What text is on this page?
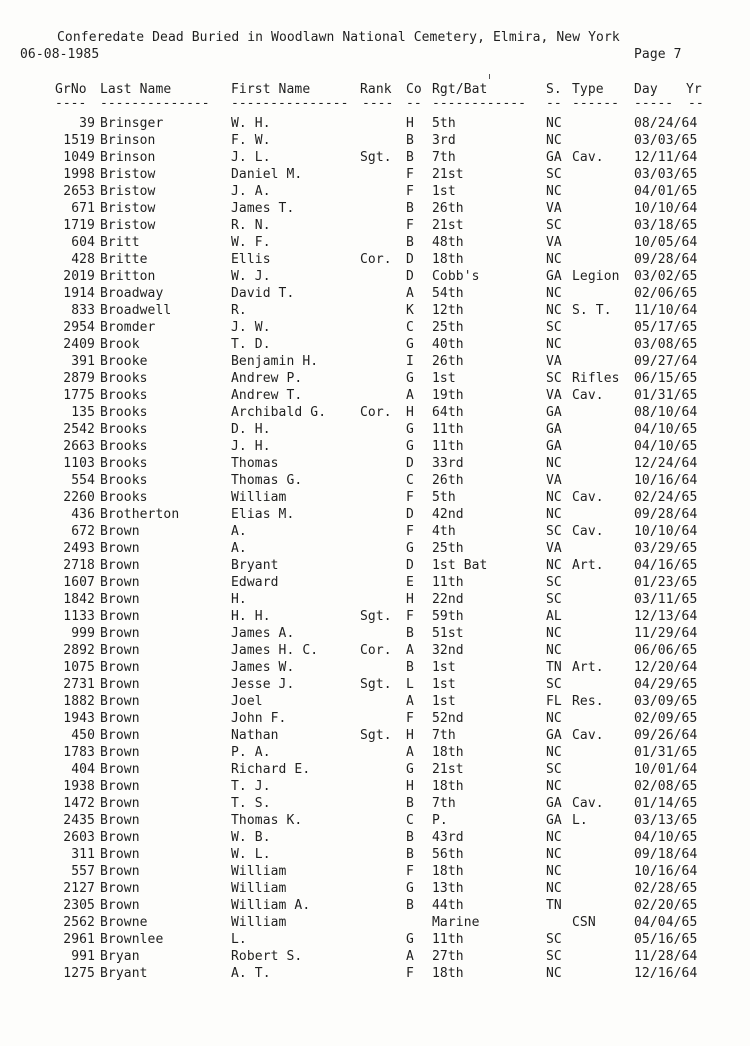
Conferedate Dead Buried in Woodlawn National Cemetery, Elmira, New York
06-08-1985	Page 7
GrNo Last Name	First Name	Rank Co Rgt/Bat	S. Type Day Yr
---- -------------- --------------- ---- -- ------------ -- ------ ----- --
39 Brinsger	W. H.	H 5th	NC	08/24/64
1519 Brinson	F. W.	B 3rd	NC	03/03/65
1049 Brinson	J. L.	Sgt. B 7th	GA Cav. 12/11/64
1998 Bristow	Daniel M.	F 21st	SC	03/03/65
2653 Bristow	J. A.	F 1st	NC	04/01/65
671 Bristow	James T.	B 26th	VA	10/10/64
1719 Bristow	R. N.	F 21st	SC	03/18/65
604 Britt	W. F.	B 48th	VA	10/05/64
428 Britte	Ellis	Cor. D 18th	NC	09/28/64
2019 Britton	W. J.	D Cobb's	GA Legion 03/02/65
1914 Broadway	David T.	A 54th	NC	02/06/65
833 Broadwell	R.	K 12th	NC S. T. 11/10/64
2954 Bromder	J. W.	C 25th	SC	05/17/65
2409 Brook	T. D.	G 40th	NC	03/08/65
391 Brooke	Benjamin H.	I 26th	VA	09/27/64
2879 Brooks	Andrew P.	G 1st	SC Rifles 06/15/65
1775 Brooks	Andrew T.	A 19th	VA Cav. 01/31/65
135 Brooks	Archibald G.	Cor. H 64th	GA	08/10/64
2542 Brooks	D. H.	G 11th	GA	04/10/65
2663 Brooks	J. H.	G 11th	GA	04/10/65
1103 Brooks	Thomas	D 33rd	NC	12/24/64
554 Brooks	Thomas G.	C 26th	VA	10/16/64
2260 Brooks	William	F 5th	NC Cav. 02/24/65
436 Brotherton	Elias M.	D 42nd	NC	09/28/64
672 Brown	A.	F 4th	SC Cav. 10/10/64
2493 Brown	A.	G 25th	VA	03/29/65
2718 Brown	Bryant	D 1st Bat	NC Art. 04/16/65
1607 Brown	Edward	E 11th	SC	01/23/65
1842 Brown	H.	H 22nd	SC	03/11/65
1133 Brown	H. H.	Sgt. F 59th	AL	12/13/64
999 Brown	James A.	B 51st	NC	11/29/64
2892 Brown	James H. C.	Cor. A 32nd	NC	06/06/65
1075 Brown	James W.	B 1st	TN Art. 12/20/64
2731 Brown	Jesse J.	Sgt. L 1st	SC	04/29/65
1882 Brown	Joel	A 1st	FL Res. 03/09/65
1943 Brown	John F.	F 52nd	NC	02/09/65
450 Brown	Nathan	Sgt. H 7th	GA Cav. 09/26/64
1783 Brown	P. A.	A 18th	NC	01/31/65
404 Brown	Richard E.	G 21st	SC	10/01/64
1938 Brown	T. J.	H 18th	NC	02/08/65
1472 Brown	T. S.	B 7th	GA Cav. 01/14/65
2435 Brown	Thomas K.	C P.	GA L.	03/13/65
2603 Brown	W. B.	B 43rd	NC	04/10/65
311 Brown	W. L.	B 56th	NC	09/18/64
557 Brown	William	F 18th	NC	10/16/64
2127 Brown	William	G 13th	NC	02/28/65
2305 Brown	William A.	B 44th	TN	02/20/65
2562 Browne	William	Marine	CSN	04/04/65
2961 Brownlee	L.	G 11th	SC	05/16/65
991 Bryan	Robert S.	A 27th	SC	11/28/64
1275 Bryant	A. T.	F 18th	NC	12/16/64
